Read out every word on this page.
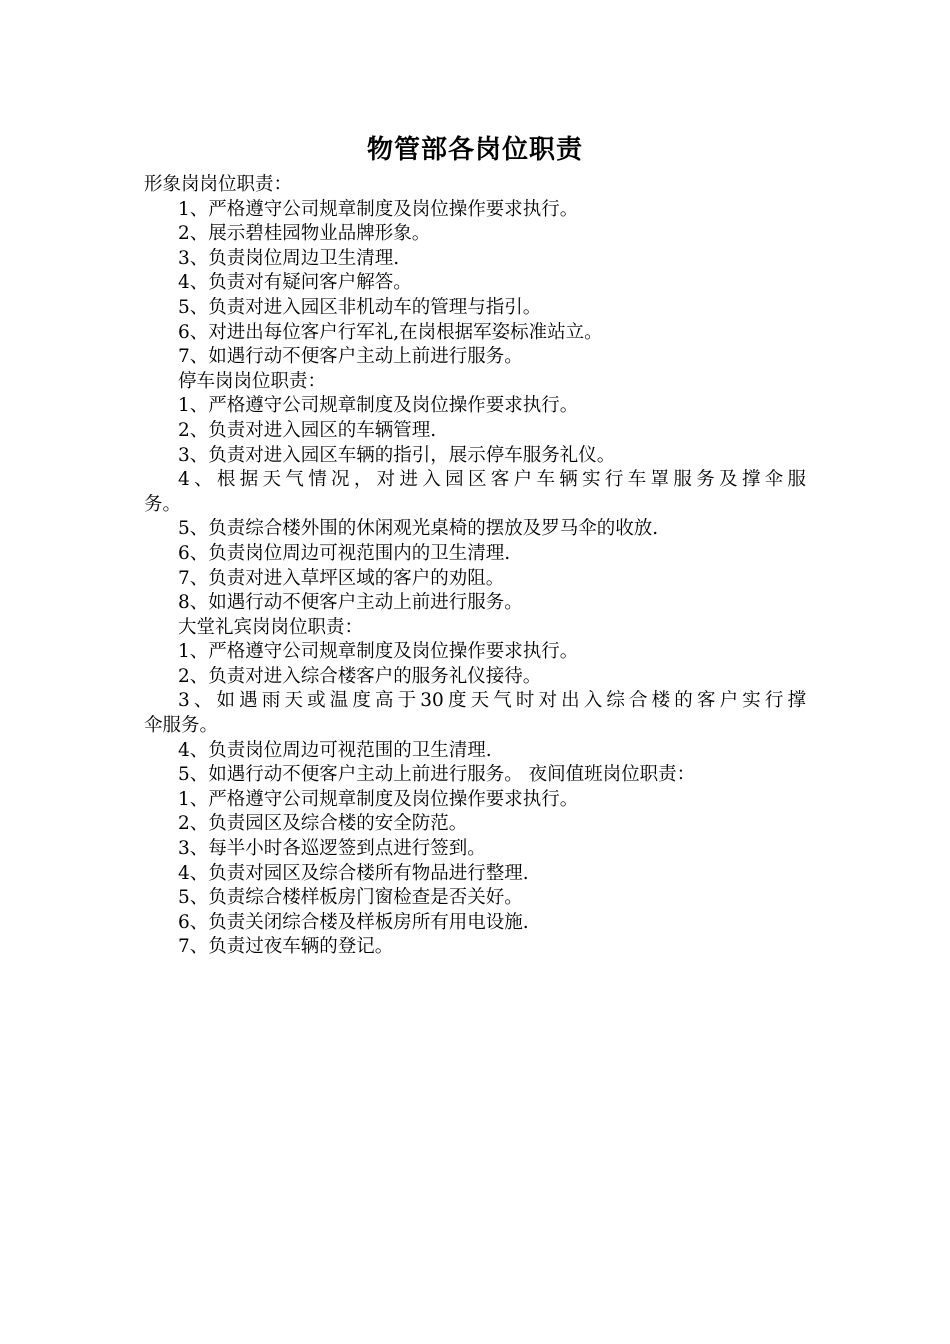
物管部各岗位职责
形象岗岗位职责：
1、严格遵守公司规章制度及岗位操作要求执行。
2、展示碧桂园物业品牌形象。
3、负责岗位周边卫生清理.
4、负责对有疑问客户解答。
5、负责对进入园区非机动车的管理与指引。
6、对进出每位客户行军礼,在岗根据军姿标准站立。
7、如遇行动不便客户主动上前进行服务。
停车岗岗位职责：
1、严格遵守公司规章制度及岗位操作要求执行。
2、负责对进入园区的车辆管理.
3、负责对进入园区车辆的指引，展示停车服务礼仪。
4、根据天气情况，对进入园区客户车辆实行车罩服务及撑伞服
务。
5、负责综合楼外围的休闲观光桌椅的摆放及罗马伞的收放.
6、负责岗位周边可视范围内的卫生清理.
7、负责对进入草坪区域的客户的劝阻。
8、如遇行动不便客户主动上前进行服务。
大堂礼宾岗岗位职责：
1、严格遵守公司规章制度及岗位操作要求执行。
2、负责对进入综合楼客户的服务礼仪接待。
3、如遇雨天或温度高于30度天气时对出入综合楼的客户实行撑
伞服务。
4、负责岗位周边可视范围的卫生清理.
5、如遇行动不便客户主动上前进行服务。 夜间值班岗位职责：
1、严格遵守公司规章制度及岗位操作要求执行。
2、负责园区及综合楼的安全防范。
3、每半小时各巡逻签到点进行签到。
4、负责对园区及综合楼所有物品进行整理.
5、负责综合楼样板房门窗检查是否关好。
6、负责关闭综合楼及样板房所有用电设施.
7、负责过夜车辆的登记。
